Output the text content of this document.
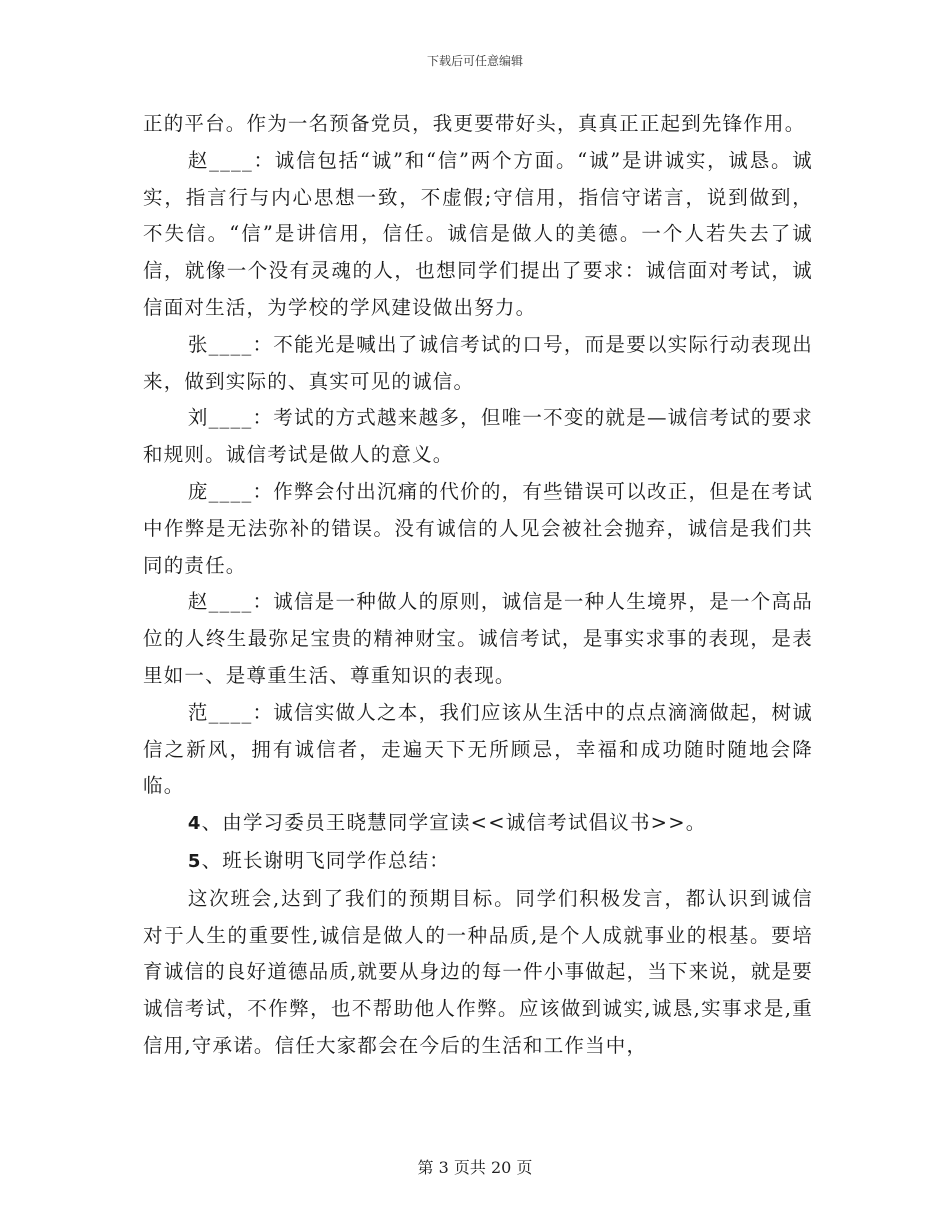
下载后可任意编辑

正的平台。作为一名预备党员，我更要带好头，真真正正起到先锋作用。

赵____：诚信包括“诚”和“信”两个方面。“诚”是讲诚实，诚恳。诚实，指言行与内心思想一致，不虚假;守信用，指信守诺言，说到做到，不失信。“信”是讲信用，信任。诚信是做人的美德。一个人若失去了诚信，就像一个没有灵魂的人，也想同学们提出了要求：诚信面对考试，诚信面对生活，为学校的学风建设做出努力。

张____：不能光是喊出了诚信考试的口号，而是要以实际行动表现出来，做到实际的、真实可见的诚信。

刘____：考试的方式越来越多，但唯一不变的就是—诚信考试的要求和规则。诚信考试是做人的意义。

庞____：作弊会付出沉痛的代价的，有些错误可以改正，但是在考试中作弊是无法弥补的错误。没有诚信的人见会被社会抛弃，诚信是我们共同的责任。

赵____：诚信是一种做人的原则，诚信是一种人生境界，是一个高品位的人终生最弥足宝贵的精神财宝。诚信考试，是事实求事的表现，是表里如一、是尊重生活、尊重知识的表现。

范____：诚信实做人之本，我们应该从生活中的点点滴滴做起，树诚信之新风，拥有诚信者，走遍天下无所顾忌，幸福和成功随时随地会降临。

4、由学习委员王晓慧同学宣读<<诚信考试倡议书>>。

5、班长谢明飞同学作总结：

这次班会,达到了我们的预期目标。同学们积极发言，都认识到诚信对于人生的重要性,诚信是做人的一种品质,是个人成就事业的根基。要培育诚信的良好道德品质,就要从身边的每一件小事做起，当下来说，就是要诚信考试，不作弊，也不帮助他人作弊。应该做到诚实,诚恳,实事求是,重信用,守承诺。信任大家都会在今后的生活和工作当中，

第 3 页共 20 页
